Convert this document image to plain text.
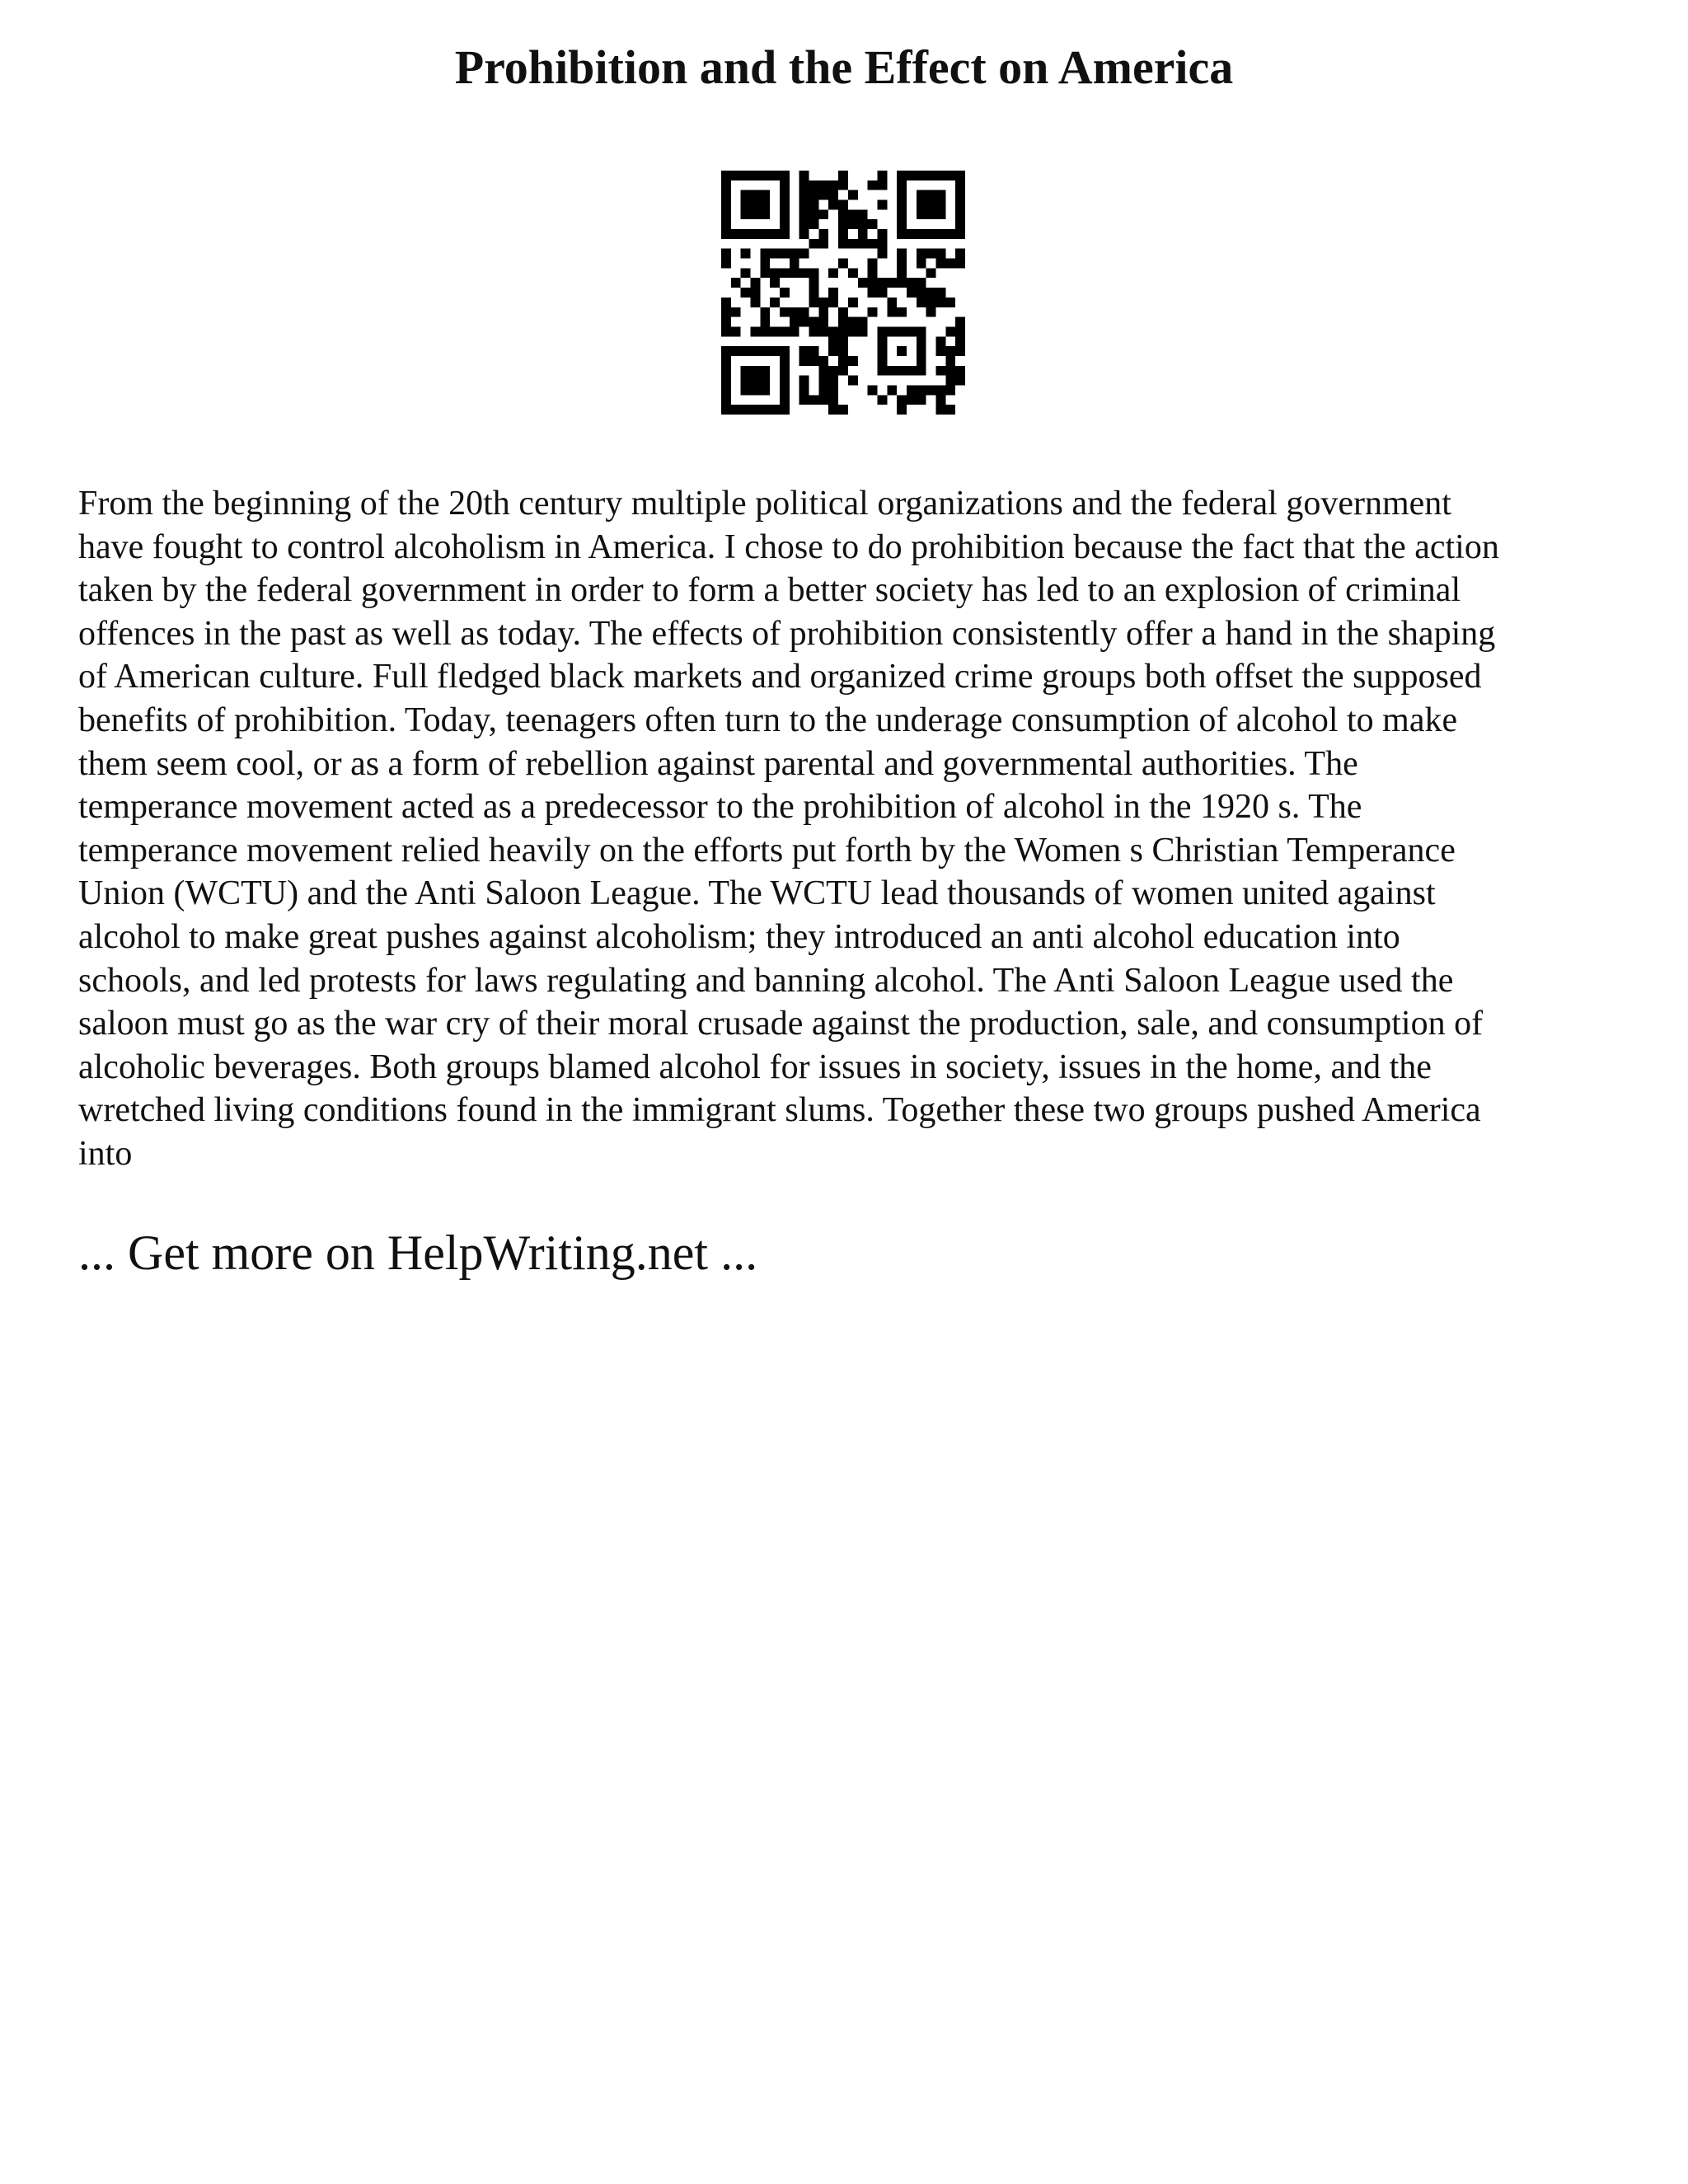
Prohibition and the Effect on America

From the beginning of the 20th century multiple political organizations and the federal government
have fought to control alcoholism in America. I chose to do prohibition because the fact that the action
taken by the federal government in order to form a better society has led to an explosion of criminal
offences in the past as well as today. The effects of prohibition consistently offer a hand in the shaping
of American culture. Full fledged black markets and organized crime groups both offset the supposed
benefits of prohibition. Today, teenagers often turn to the underage consumption of alcohol to make
them seem cool, or as a form of rebellion against parental and governmental authorities. The
temperance movement acted as a predecessor to the prohibition of alcohol in the 1920 s. The
temperance movement relied heavily on the efforts put forth by the Women s Christian Temperance
Union (WCTU) and the Anti Saloon League. The WCTU lead thousands of women united against
alcohol to make great pushes against alcoholism; they introduced an anti alcohol education into
schools, and led protests for laws regulating and banning alcohol. The Anti Saloon League used the
saloon must go as the war cry of their moral crusade against the production, sale, and consumption of
alcoholic beverages. Both groups blamed alcohol for issues in society, issues in the home, and the
wretched living conditions found in the immigrant slums. Together these two groups pushed America
into

... Get more on HelpWriting.net ...
